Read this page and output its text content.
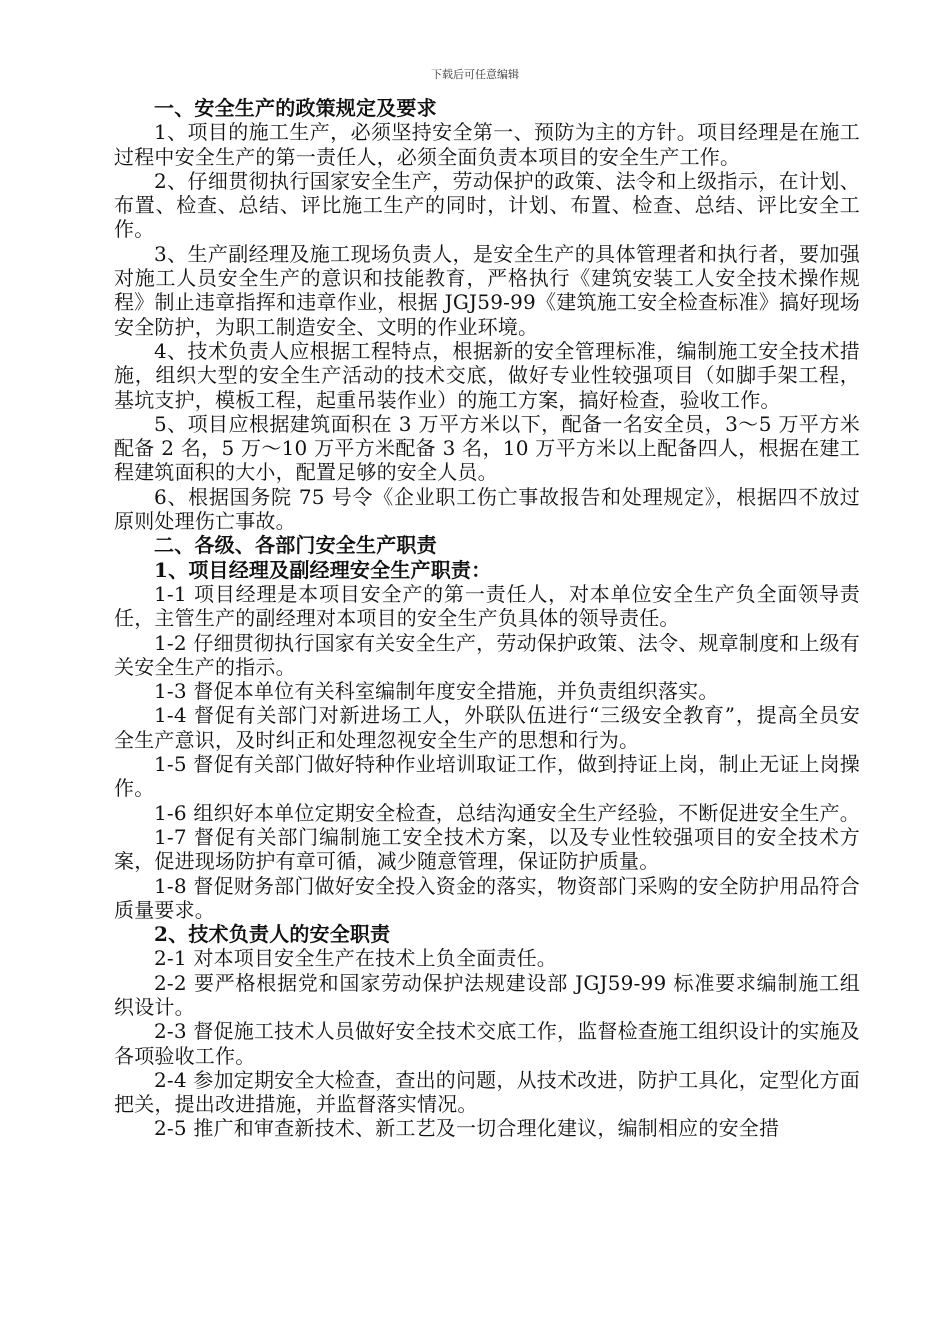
下载后可任意编辑

一、安全生产的政策规定及要求

1、项目的施工生产，必须坚持安全第一、预防为主的方针。项目经理是在施工过程中安全生产的第一责任人，必须全面负责本项目的安全生产工作。

2、仔细贯彻执行国家安全生产，劳动保护的政策、法令和上级指示，在计划、布置、检查、总结、评比施工生产的同时，计划、布置、检查、总结、评比安全工作。

3、生产副经理及施工现场负责人，是安全生产的具体管理者和执行者，要加强对施工人员安全生产的意识和技能教育，严格执行《建筑安装工人安全技术操作规程》制止违章指挥和违章作业，根据 JGJ59-99《建筑施工安全检查标准》搞好现场安全防护，为职工制造安全、文明的作业环境。

4、技术负责人应根据工程特点，根据新的安全管理标准，编制施工安全技术措施，组织大型的安全生产活动的技术交底，做好专业性较强项目（如脚手架工程，基坑支护，模板工程，起重吊装作业）的施工方案，搞好检查，验收工作。

5、项目应根据建筑面积在 3 万平方米以下，配备一名安全员，3～5 万平方米配备 2 名，5 万～10 万平方米配备 3 名，10 万平方米以上配备四人，根据在建工程建筑面积的大小，配置足够的安全人员。

6、根据国务院 75 号令《企业职工伤亡事故报告和处理规定》，根据四不放过原则处理伤亡事故。

二、各级、各部门安全生产职责

1、项目经理及副经理安全生产职责：

1-1 项目经理是本项目安全产的第一责任人，对本单位安全生产负全面领导责任，主管生产的副经理对本项目的安全生产负具体的领导责任。

1-2 仔细贯彻执行国家有关安全生产，劳动保护政策、法令、规章制度和上级有关安全生产的指示。

1-3 督促本单位有关科室编制年度安全措施，并负责组织落实。

1-4 督促有关部门对新进场工人，外联队伍进行“三级安全教育”，提高全员安全生产意识，及时纠正和处理忽视安全生产的思想和行为。

1-5 督促有关部门做好特种作业培训取证工作，做到持证上岗，制止无证上岗操作。

1-6 组织好本单位定期安全检查，总结沟通安全生产经验，不断促进安全生产。

1-7 督促有关部门编制施工安全技术方案，以及专业性较强项目的安全技术方案，促进现场防护有章可循，减少随意管理，保证防护质量。

1-8 督促财务部门做好安全投入资金的落实，物资部门采购的安全防护用品符合质量要求。

2、技术负责人的安全职责

2-1 对本项目安全生产在技术上负全面责任。

2-2 要严格根据党和国家劳动保护法规建设部 JGJ59-99 标准要求编制施工组织设计。

2-3 督促施工技术人员做好安全技术交底工作，监督检查施工组织设计的实施及各项验收工作。

2-4 参加定期安全大检查，查出的问题，从技术改进，防护工具化，定型化方面把关，提出改进措施，并监督落实情况。

2-5 推广和审查新技术、新工艺及一切合理化建议，编制相应的安全措
